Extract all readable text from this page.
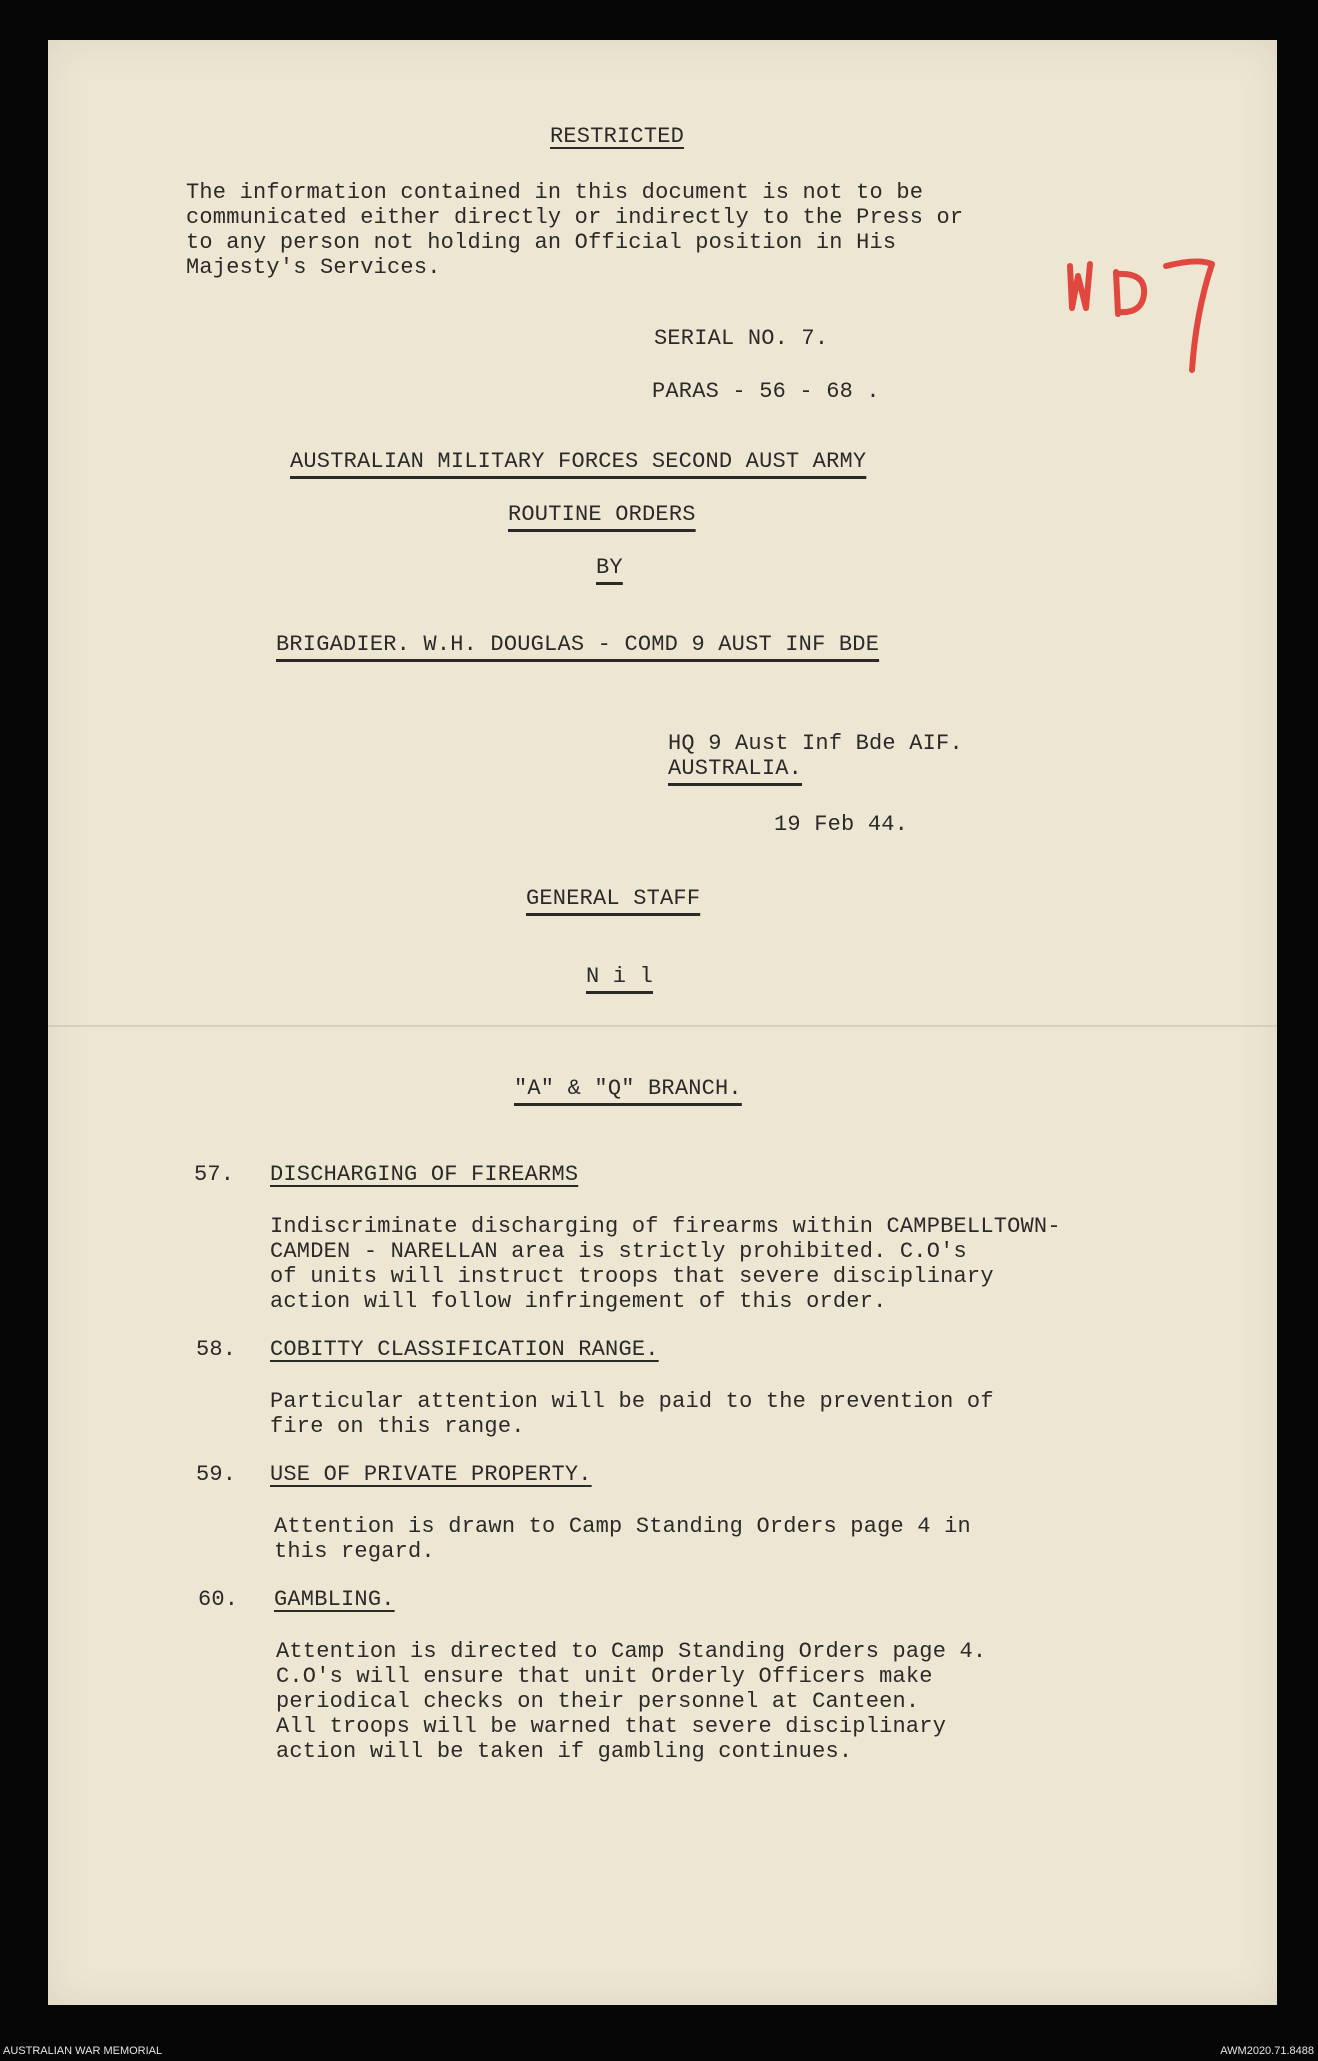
RESTRICTED
The information contained in this document is not to be
communicated either directly or indirectly to the Press or
to any person not holding an Official position in His
Majesty's Services.
SERIAL NO. 7.
PARAS - 56 - 68 .
AUSTRALIAN MILITARY FORCES SECOND AUST ARMY
ROUTINE ORDERS
BY
BRIGADIER. W.H. DOUGLAS - COMD 9 AUST INF BDE
HQ 9 Aust Inf Bde AIF.
AUSTRALIA.
19 Feb 44.
GENERAL STAFF
N i l
"A" & "Q" BRANCH.
57. DISCHARGING OF FIREARMS
Indiscriminate discharging of firearms within CAMPBELLTOWN-
CAMDEN - NARELLAN area is strictly prohibited. C.O's
of units will instruct troops that severe disciplinary
action will follow infringement of this order.
58. COBITTY CLASSIFICATION RANGE.
Particular attention will be paid to the prevention of
fire on this range.
59. USE OF PRIVATE PROPERTY.
Attention is drawn to Camp Standing Orders page 4 in
this regard.
60. GAMBLING.
Attention is directed to Camp Standing Orders page 4.
C.O's will ensure that unit Orderly Officers make
periodical checks on their personnel at Canteen.
All troops will be warned that severe disciplinary
action will be taken if gambling continues.
AUSTRALIAN WAR MEMORIAL	AWM2020.71.8488
